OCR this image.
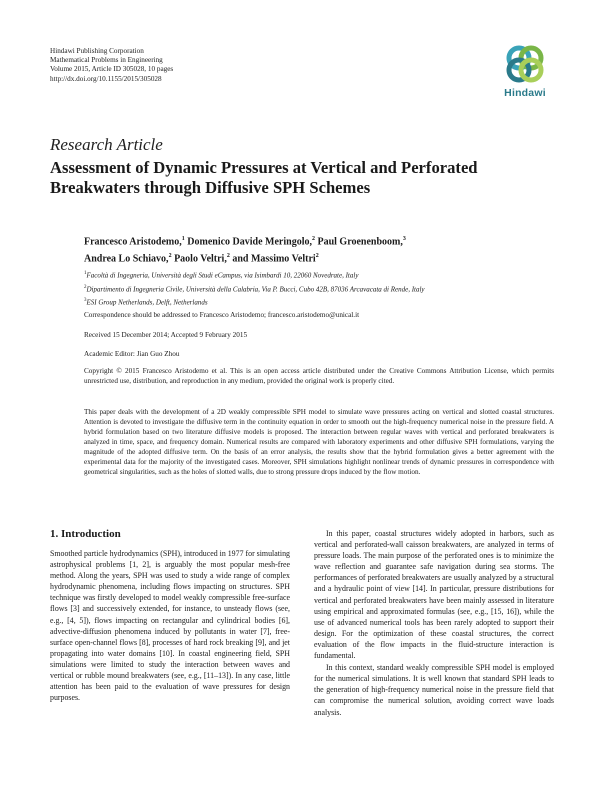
Hindawi Publishing Corporation
Mathematical Problems in Engineering
Volume 2015, Article ID 305028, 10 pages
http://dx.doi.org/10.1155/2015/305028
Hindawi
Research Article
Assessment of Dynamic Pressures at Vertical and Perforated
Breakwaters through Diffusive SPH Schemes
Francesco Aristodemo,$^1$ Domenico Davide Meringolo,$^2$ Paul Groenenboom,$^3$
Andrea Lo Schiavo,$^2$ Paolo Veltri,$^2$ and Massimo Veltri$^2$
$^1$Facoltà di Ingegneria, Università degli Studi eCampus, via Isimbardi 10, 22060 Novedrate, Italy
$^2$Dipartimento di Ingegneria Civile, Università della Calabria, Via P. Bucci, Cubo 42B, 87036 Arcavacata di Rende, Italy
$^3$ESI Group Netherlands, Delft, Netherlands
Correspondence should be addressed to Francesco Aristodemo; francesco.aristodemo@unical.it
Received 15 December 2014; Accepted 9 February 2015
Academic Editor: Jian Guo Zhou
Copyright © 2015 Francesco Aristodemo et al. This is an open access article distributed under the Creative Commons Attribution License, which permits unrestricted use, distribution, and reproduction in any medium, provided the original work is properly cited.
This paper deals with the development of a 2D weakly compressible SPH model to simulate wave pressures acting on vertical and slotted coastal structures. Attention is devoted to investigate the diffusive term in the continuity equation in order to smooth out the high-frequency numerical noise in the pressure field. A hybrid formulation based on two literature diffusive models is proposed. The interaction between regular waves with vertical and perforated breakwaters is analyzed in time, space, and frequency domain. Numerical results are compared with laboratory experiments and other diffusive SPH formulations, varying the magnitude of the adopted diffusive term. On the basis of an error analysis, the results show that the hybrid formulation gives a better agreement with the experimental data for the majority of the investigated cases. Moreover, SPH simulations highlight nonlinear trends of dynamic pressures in correspondence with geometrical singularities, such as the holes of slotted walls, due to strong pressure drops induced by the flow motion.
1. Introduction

Smoothed particle hydrodynamics (SPH), introduced in 1977 for simulating astrophysical problems [1, 2], is arguably the most popular mesh-free method. Along the years, SPH was used to study a wide range of complex hydrodynamic phenomena, including flows impacting on structures. SPH technique was firstly developed to model weakly compressible free-surface flows [3] and successively extended, for instance, to unsteady flows (see, e.g., [4, 5]), flows impacting on rectangular and cylindrical bodies [6], advective-diffusion phenomena induced by pollutants in water [7], free-surface open-channel flows [8], processes of hard rock breaking [9], and jet propagating into water domains [10]. In coastal engineering field, SPH simulations were limited to study the interaction between waves and vertical or rubble mound breakwaters (see, e.g., [11–13]). In any case, little attention has been paid to the evaluation of wave pressures for design purposes.

In this paper, coastal structures widely adopted in harbors, such as vertical and perforated-wall caisson breakwaters, are analyzed in terms of pressure loads. The main purpose of the perforated ones is to minimize the wave reflection and guarantee safe navigation during sea storms. The performances of perforated breakwaters are usually analyzed by a structural and a hydraulic point of view [14]. In particular, pressure distributions for vertical and perforated breakwaters have been mainly assessed in literature using empirical and approximated formulas (see, e.g., [15, 16]), while the use of advanced numerical tools has been rarely adopted to support their design. For the optimization of these coastal structures, the correct evaluation of the flow impacts in the fluid-structure interaction is fundamental.

In this context, standard weakly compressible SPH model is employed for the numerical simulations. It is well known that standard SPH leads to the generation of high-frequency numerical noise in the pressure field that can compromise the numerical solution, avoiding correct wave loads analysis.
